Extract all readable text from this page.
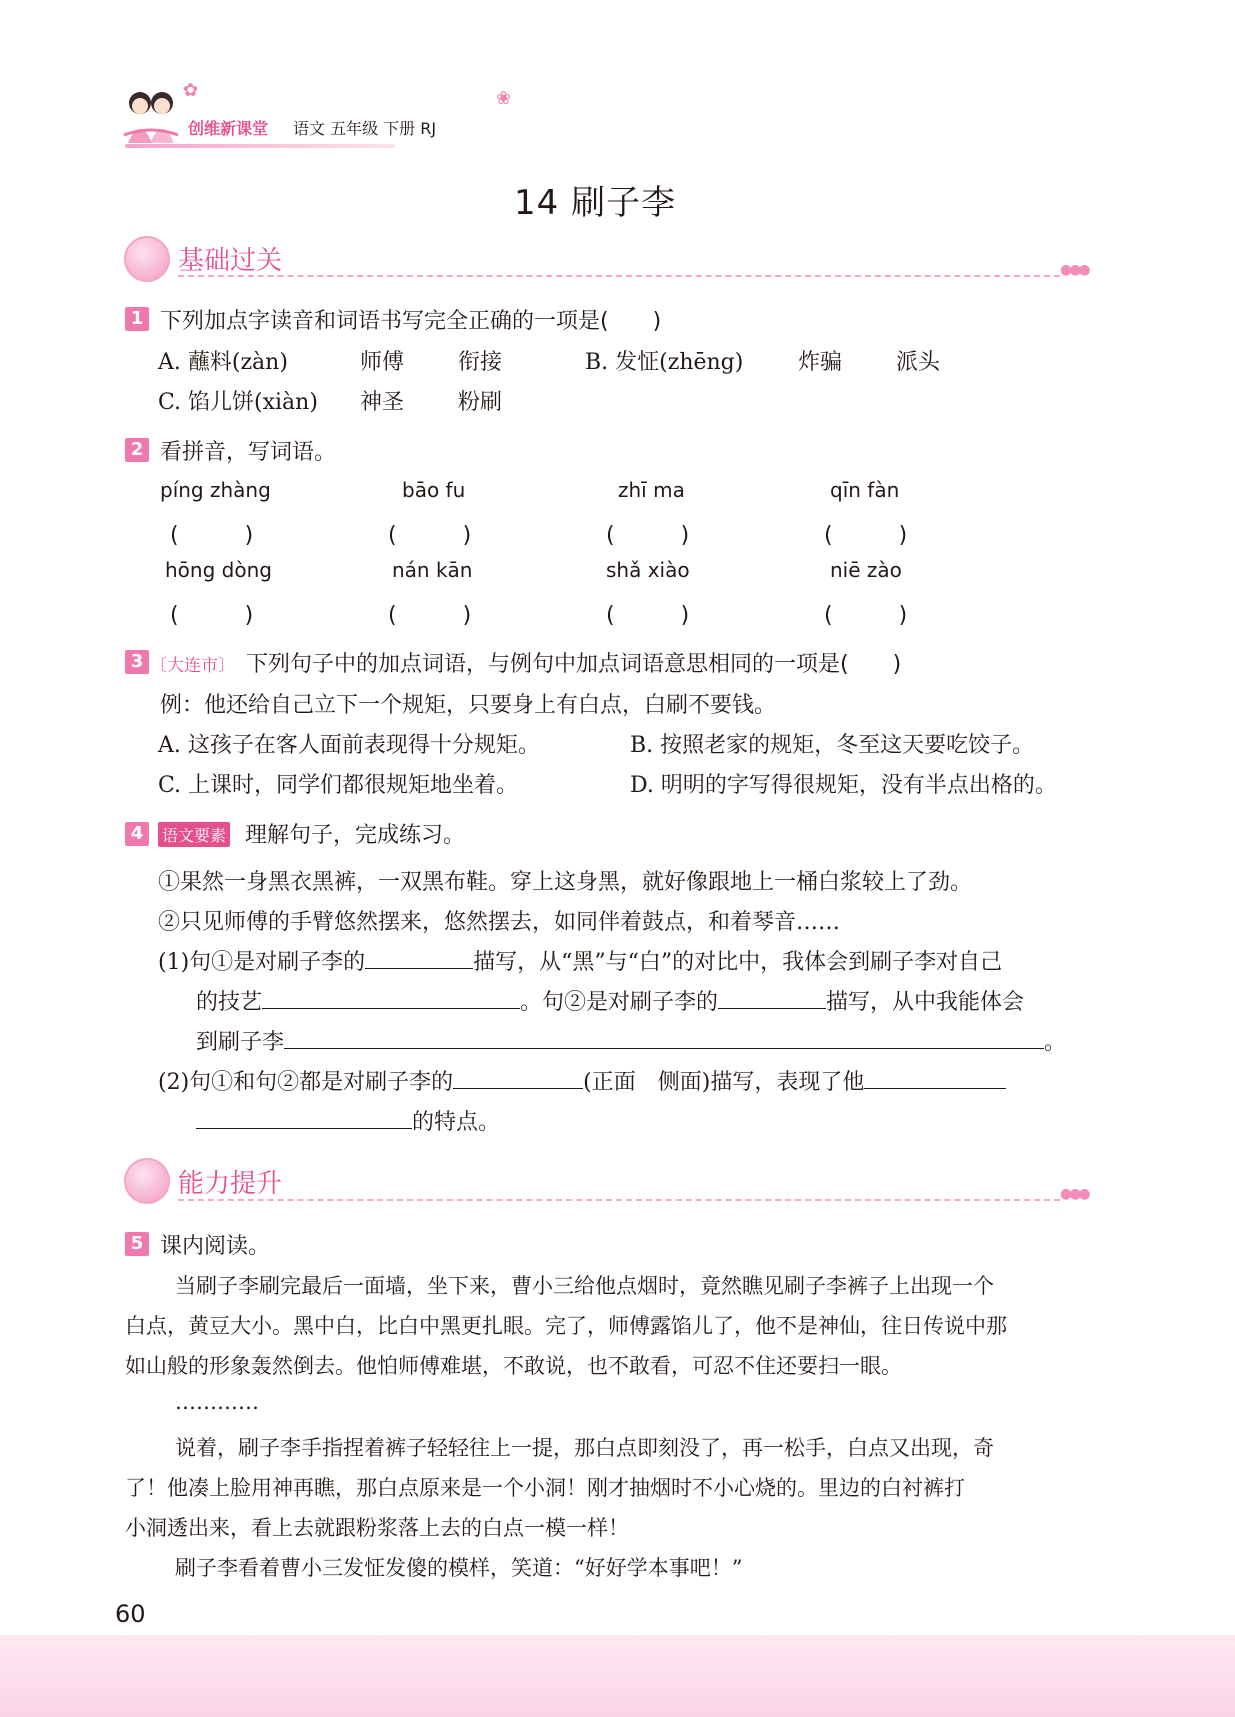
创维新课堂 语文 五年级 下册 RJ
✿	❀
14 刷子李
基础过关	●●●
1 下列加点字读音和词语书写完全正确的一项是(　　)
A. 蘸料(zàn)	师傅 衔接	B. 发怔(zhēng) 炸骗 派头
C. 馅儿饼(xiàn) 神圣 粉刷
2 看拼音，写词语。
píng zhàng	bāo fu	zhī ma	qīn fàn
(　　　)	(　　　)	(　　　)	(　　　)
hōng dòng	nán kān	shǎ xiào	niē zào
(　　　)	(　　　)	(　　　)	(　　　)
3 〔大连市〕 下列句子中的加点词语，与例句中加点词语意思相同的一项是(　　)
例：他还给自己立下一个规矩，只要身上有白点，白刷不要钱。
A. 这孩子在客人面前表现得十分规矩。	B. 按照老家的规矩，冬至这天要吃饺子。
C. 上课时，同学们都很规矩地坐着。	D. 明明的字写得很规矩，没有半点出格的。
4	语文要素 理解句子，完成练习。
①果然一身黑衣黑裤，一双黑布鞋。穿上这身黑，就好像跟地上一桶白浆较上了劲。
②只见师傅的手臂悠然摆来，悠然摆去，如同伴着鼓点，和着琴音……
(1)句①是对刷子李的	描写，从“黑”与“白”的对比中，我体会到刷子李对自己
的技艺	。句②是对刷子李的	描写，从中我能体会
到刷子李	。
(2)句①和句②都是对刷子李的	(正面　侧面)描写，表现了他
的特点。
能力提升	●●●
5 课内阅读。
当刷子李刷完最后一面墙，坐下来，曹小三给他点烟时，竟然瞧见刷子李裤子上出现一个
白点，黄豆大小。黑中白，比白中黑更扎眼。完了，师傅露馅儿了，他不是神仙，往日传说中那
如山般的形象轰然倒去。他怕师傅难堪，不敢说，也不敢看，可忍不住还要扫一眼。
…………
说着，刷子李手指捏着裤子轻轻往上一提，那白点即刻没了，再一松手，白点又出现，奇
了！他凑上脸用神再瞧，那白点原来是一个小洞！刚才抽烟时不小心烧的。里边的白衬裤打
小洞透出来，看上去就跟粉浆落上去的白点一模一样！
刷子李看着曹小三发怔发傻的模样，笑道：“好好学本事吧！”
60
